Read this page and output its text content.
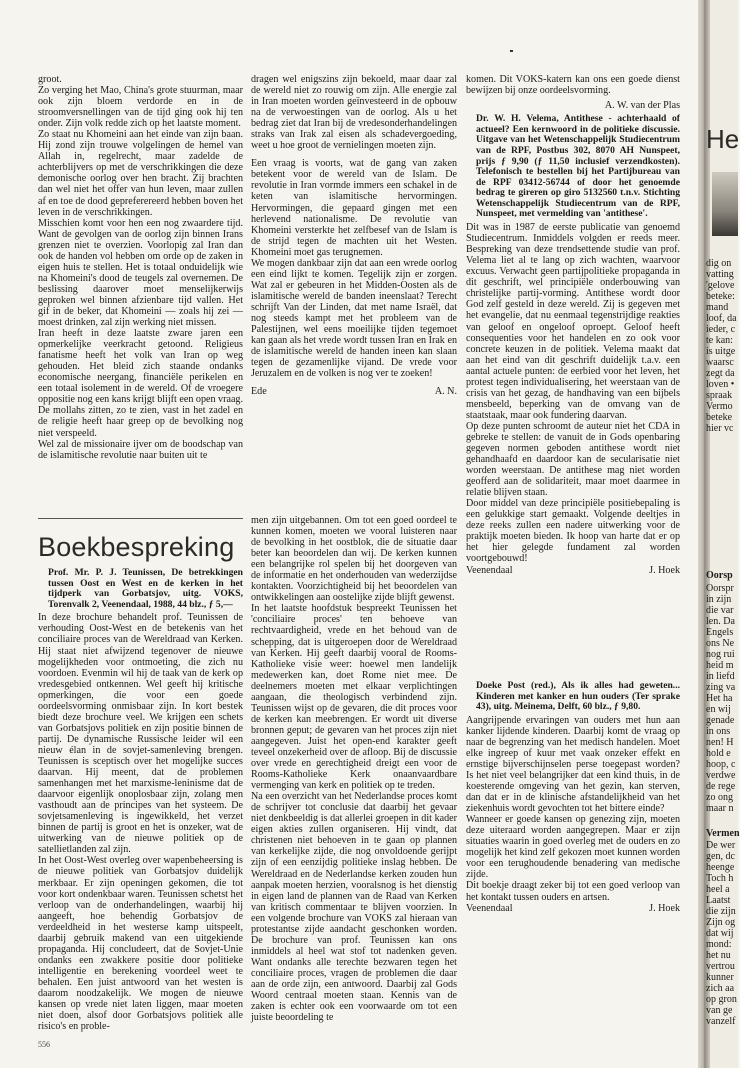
groot.

Zo verging het Mao, China's grote stuurman, maar ook zijn bloem verdorde en in de stroomversnellingen van de tijd ging ook hij ten onder. Zijn volk redde zich op het laatste moment.

Zo staat nu Khomeini aan het einde van zijn baan. Hij zond zijn trouwe volgelingen de hemel van Allah in, regelrecht, maar zadelde de achterblijvers op met de verschrikkingen die deze demonische oorlog over hen bracht. Zij brachten dan wel niet het offer van hun leven, maar zullen af en toe de dood gepreferereerd hebben boven het leven in de verschrikkingen.

Misschien komt voor hen een nog zwaardere tijd. Want de gevolgen van de oorlog zijn binnen Irans grenzen niet te overzien. Voorlopig zal Iran dan ook de handen vol hebben om orde op de zaken in eigen huis te stellen. Het is totaal onduidelijk wie na Khomeini's dood de teugels zal overnemen. De beslissing daarover moet menselijkerwijs geproken wel binnen afzienbare tijd vallen. Het gif in de beker, dat Khomeini — zoals hij zei — moest drinken, zal zijn werking niet missen.

Iran heeft in deze laatste zware jaren een opmerkelijke veerkracht getoond. Religieus fanatisme heeft het volk van Iran op weg gehouden. Het bleid zich staande ondanks economische neergang, financiële perikelen en een totaal isolement in de wereld. Of de vroegere oppositie nog een kans krijgt blijft een open vraag. De mollahs zitten, zo te zien, vast in het zadel en de religie heeft haar greep op de bevolking nog niet verspeeld.

Wel zal de missionaire ijver om de boodschap van de islamitische revolutie naar buiten uit te

dragen wel enigszins zijn bekoeld, maar daar zal de wereld niet zo rouwig om zijn. Alle energie zal in Iran moeten worden geïnvesteerd in de opbouw na de verwoestingen van de oorlog. Als u het bedrag ziet dat Iran bij de vredesonderhandelingen straks van Irak zal eisen als schadevergoeding, weet u hoe groot de vernielingen moeten zijn.

Een vraag is voorts, wat de gang van zaken betekent voor de wereld van de Islam. De revolutie in Iran vormde immers een schakel in de keten van islamitische hervormingen. Hervormingen, die gepaard gingen met een herlevend nationalisme. De revolutie van Khomeini versterkte het zelfbesef van de Islam is de strijd tegen de machten uit het Westen. Khomeini moet gas terugnemen.

We mogen dankbaar zijn dat aan een wrede oorlog een eind lijkt te komen. Tegelijk zijn er zorgen. Wat zal er gebeuren in het Midden-Oosten als de islamitische wereld de banden ineenslaat? Terecht schrijft Van der Linden, dat met name Israël, dat nog steeds kampt met het probleem van de Palestijnen, wel eens moeilijke tijden tegemoet kan gaan als het vrede wordt tussen Iran en Irak en de islamitische wereld de handen ineen kan slaan tegen de gezamenlijke vijand. De vrede voor Jeruzalem en de volken is nog ver te zoeken!

Ede	A. N.

komen. Dit VOKS-katern kan ons een goede dienst bewijzen bij onze oordeelsvorming.

A. W. van der Plas
Dr. W. H. Velema, Antithese - achterhaald of actueel? Een kernwoord in de politieke discussie. Uitgave van het Wetenschappelijk Studiecentrum van de RPF, Postbus 302, 8070 AH Nunspeet, prijs ƒ 9,90 (ƒ 11,50 inclusief verzendkosten). Telefonisch te bestellen bij het Partijbureau van de RPF 03412-56744 of door het genoemde bedrag te gireren op giro 5132560 t.n.v. Stichting Wetenschappelijk Studiecentrum van de RPF, Nunspeet, met vermelding van 'antithese'.

Dit was in 1987 de eerste publicatie van genoemd Studiecentrum. Inmiddels volgden er reeds meer. Bespreking van deze trendsettende studie van prof. Velema liet al te lang op zich wachten, waarvoor excuus. Verwacht geen partijpolitieke propaganda in dit geschrift, wel principiële onderbouwing van christelijke partij-vorming. Antithese wordt door God zelf gesteld in deze wereld. Zij is gegeven met het evangelie, dat nu eenmaal tegenstrijdige reakties van geloof en ongeloof oproept. Geloof heeft consequenties voor het handelen en zo ook voor concrete keuzen in de politiek. Velema maakt dat aan het eind van dit geschrift duidelijk t.a.v. een aantal actuele punten: de eerbied voor het leven, het protest tegen individualisering, het weerstaan van de crisis van het gezag, de handhaving van een bijbels mensbeeld, beperking van de omvang van de staatstaak, maar ook fundering daarvan.

Op deze punten schroomt de auteur niet het CDA in gebreke te stellen: de vanuit de in Gods openbaring gegeven normen geboden antithese wordt niet gehandhaafd en daardoor kan de secularisatie niet worden weerstaan. De antithese mag niet worden geofferd aan de solidariteit, maar moet daarmee in relatie blijven staan.

Door middel van deze principiële positiebepaling is een gelukkige start gemaakt. Volgende deeltjes in deze reeks zullen een nadere uitwerking voor de praktijk moeten bieden. Ik hoop van harte dat er op het hier gelegde fundament zal worden voortgebouwd!

Veenendaal	J. Hoek
Boekbespreking
Prof. Mr. P. J. Teunissen, De betrekkingen tussen Oost en West en de kerken in het tijdperk van Gorbatsjov, uitg. VOKS, Torenvalk 2, Veenendaal, 1988, 44 blz., ƒ 5,—

In deze brochure behandelt prof. Teunissen de verhouding Oost-West en de betekenis van het conciliaire proces van de Wereldraad van Kerken. Hij staat niet afwijzend tegenover de nieuwe mogelijkheden voor ontmoeting, die zich nu voordoen. Evenmin wil hij de taak van de kerk op vredesgebied ontkennen. Wel geeft hij kritische opmerkingen, die voor een goede oordeelsvorming onmisbaar zijn. In kort bestek biedt deze brochure veel. We krijgen een schets van Gorbatsjovs politiek en zijn positie binnen de partij. De dynamische Russische leider wil een nieuw élan in de sovjet-samenleving brengen. Teunissen is sceptisch over het mogelijke succes daarvan. Hij meent, dat de problemen samenhangen met het marxisme-leninisme dat de daarvoor eigenlijk onoplosbaar zijn, zolang men vasthoudt aan de principes van het systeem. De sovjetsamenleving is ingewikkeld, het verzet binnen de partij is groot en het is onzeker, wat de uitwerking van de nieuwe politiek op de satellietlanden zal zijn.

In het Oost-West overleg over wapenbeheersing is de nieuwe politiek van Gorbatsjov duidelijk merkbaar. Er zijn openingen gekomen, die tot voor kort ondenkbaar waren. Teunissen schetst het verloop van de onderhandelingen, waarbij hij aangeeft, hoe behendig Gorbatsjov de verdeeldheid in het westerse kamp uitspeelt, daarbij gebruik makend van een uitgekiende propaganda. Hij concludeert, dat de Sovjet-Unie ondanks een zwakkere positie door politieke intelligentie en berekening voordeel weet te behalen. Een juist antwoord van het westen is daarom noodzakelijk. We mogen de nieuwe kansen op vrede niet laten liggen, maar moeten niet doen, alsof door Gorbatsjovs politiek alle risico's en proble-

men zijn uitgebannen. Om tot een goed oordeel te kunnen komen, moeten we vooral luisteren naar de bevolking in het oostblok, die de situatie daar beter kan beoordelen dan wij. De kerken kunnen een belangrijke rol spelen bij het doorgeven van de informatie en het onderhouden van wederzijdse kontakten. Voorzichtigheid bij het beoordelen van ontwikkelingen aan oostelijke zijde blijft gewenst.

In het laatste hoofdstuk bespreekt Teunissen het 'conciliaire proces' ten behoeve van rechtvaardigheid, vrede en het behoud van de schepping, dat is uitgeroepen door de Wereldraad van Kerken. Hij geeft daarbij vooral de Rooms-Katholieke visie weer: hoewel men landelijk medewerken kan, doet Rome niet mee. De deelnemers moeten met elkaar verplichtingen aangaan, die theologisch verbindend zijn. Teunissen wijst op de gevaren, die dit proces voor de kerken kan meebrengen. Er wordt uit diverse bronnen geput; de gevaren van het proces zijn niet aangegeven. Juist het open-end karakter geeft teveel onzekerheid over de afloop. Bij de discussie over vrede en gerechtigheid dreigt een voor de Rooms-Katholieke Kerk onaanvaardbare vermenging van kerk en politiek op te treden.

Na een overzicht van het Nederlandse proces komt de schrijver tot conclusie dat daarbij het gevaar niet denkbeeldig is dat allerlei groepen in dit kader eigen akties zullen organiseren. Hij vindt, dat christenen niet behoeven in te gaan op plannen van kerkelijke zijde, die nog onvoldoende gerijpt zijn of een eenzijdig politieke inslag hebben. De Wereldraad en de Nederlandse kerken zouden hun aanpak moeten herzien, vooralsnog is het dienstig in eigen land de plannen van de Raad van Kerken van kritisch commentaar te blijven voorzien. In een volgende brochure van VOKS zal hieraan van protestantse zijde aandacht geschonken worden. De brochure van prof. Teunissen kan ons inmiddels al heel wat stof tot nadenken geven. Want ondanks alle terechte bezwaren tegen het conciliaire proces, vragen de problemen die daar aan de orde zijn, een antwoord. Daarbij zal Gods Woord centraal moeten staan. Kennis van de zaken is echter ook een voorwaarde om tot een juiste beoordeling te

Doeke Post (red.), Als ik alles had geweten... Kinderen met kanker en hun ouders (Ter sprake 43), uitg. Meinema, Delft, 60 blz., ƒ 9,80.

Aangrijpende ervaringen van ouders met hun aan kanker lijdende kinderen. Daarbij komt de vraag op naar de begrenzing van het medisch handelen. Moet elke ingreep of kuur met vaak onzeker effekt en ernstige bijverschijnselen perse toegepast worden? Is het niet veel belangrijker dat een kind thuis, in de koesterende omgeving van het gezin, kan sterven, dan dat er in de klinische afstandelijkheid van het ziekenhuis wordt gevochten tot het bittere einde?

Wanneer er goede kansen op genezing zijn, moeten deze uiteraard worden aangegrepen. Maar er zijn situaties waarin in goed overleg met de ouders en zo mogelijk het kind zelf gekozen moet kunnen worden voor een terughoudende benadering van medische zijde.

Dit boekje draagt zeker bij tot een goed verloop van het kontakt tussen ouders en artsen.

Veenendaal	J. Hoek
556
He
dig on
vatting
'gelove
beteke:
mand
loof, da
ieder, c
te kan:
is uitge
waarsc
zegt da
loven •
spraak
Vermo
beteke
hier vc
Oorsp
Oorspr
in zijn
die var
len. Da
Engels
ons Ne
nog rui
heid m
in liefd
zing va
Het ha
en wij
genade
in ons
nen! H
hold e
hoop, c
verdwe
de rege
zo ong
maar n
Vermen
De wer
gen, dc
heenge
Toch h
heel a
Laatst
die zijn
Zijn og
dat wij
mond:
het nu
vertrou
kunner
zich aa
op gron
van ge
vanzelf
